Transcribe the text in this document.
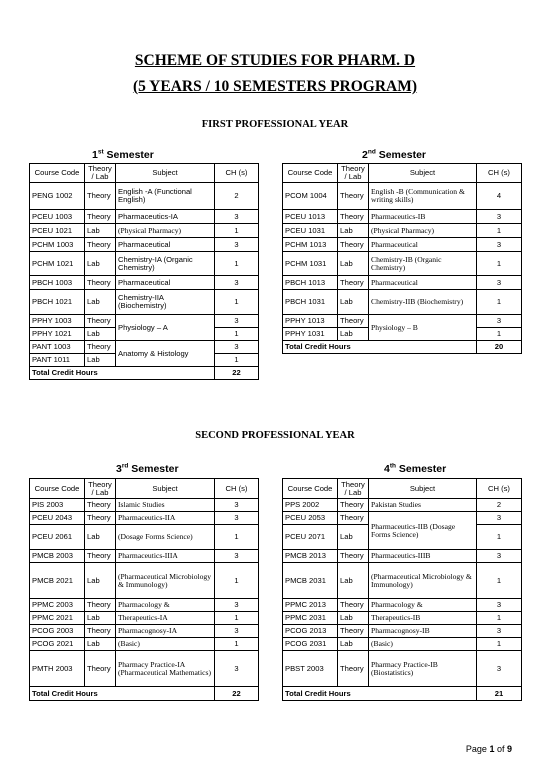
SCHEME OF STUDIES FOR PHARM. D
(5 YEARS / 10 SEMESTERS PROGRAM)
FIRST PROFESSIONAL YEAR
1st Semester	2nd Semester
Course Code	Theory / Lab	Subject	CH (s)
PENG 1002	Theory	English -A (Functional English)	2
PCEU 1003	Theory	Pharmaceutics-IA	3
PCEU 1021	Lab	(Physical Pharmacy)	1
PCHM 1003	Theory	Pharmaceutical	3
PCHM 1021	Lab	Chemistry-IA (Organic Chemistry)	1
PBCH 1003	Theory	Pharmaceutical	3
PBCH 1021	Lab	Chemistry-IIA (Biochemistry)	1
PPHY 1003	Theory	Physiology – A	3
PPHY 1021	Lab		1
PANT 1003	Theory	Anatomy & Histology	3
PANT 1011	Lab		1
Total Credit Hours			22
Course Code	Theory / Lab	Subject	CH (s)
PCOM 1004	Theory	English -B (Communication & writing skills)	4
PCEU 1013	Theory	Pharmaceutics-IB	3
PCEU 1031	Lab	(Physical Pharmacy)	1
PCHM 1013	Theory	Pharmaceutical	3
PCHM 1031	Lab	Chemistry-IB (Organic Chemistry)	1
PBCH 1013	Theory	Pharmaceutical	3
PBCH 1031	Lab	Chemistry-IIB (Biochemistry)	1
PPHY 1013	Theory	Physiology – B	3
PPHY 1031	Lab		1
Total Credit Hours			20
SECOND PROFESSIONAL YEAR
3rd Semester	4th Semester
Course Code	Theory / Lab	Subject	CH (s)
PIS 2003	Theory	Islamic Studies	3
PCEU 2043	Theory	Pharmaceutics-IIA	3
PCEU 2061	Lab	(Dosage Forms Science)	1
PMCB 2003	Theory	Pharmaceutics-IIIA	3
PMCB 2021	Lab	(Pharmaceutical Microbiology & Immunology)	1
PPMC 2003	Theory	Pharmacology &	3
PPMC 2021	Lab	Therapeutics-IA	1
PCOG 2003	Theory	Pharmacognosy-IA	3
PCOG 2021	Lab	(Basic)	1
PMTH 2003	Theory	Pharmacy Practice-IA (Pharmaceutical Mathematics)	3
Total Credit Hours			22
Course Code	Theory / Lab	Subject	CH (s)
PPS 2002	Theory	Pakistan Studies	2
PCEU 2053	Theory	Pharmaceutics-IIB (Dosage Forms Science)	3
PCEU 2071	Lab		1
PMCB 2013	Theory	Pharmaceutics-IIIB	3
PMCB 2031	Lab	(Pharmaceutical Microbiology & Immunology)	1
PPMC 2013	Theory	Pharmacology &	3
PPMC 2031	Lab	Therapeutics-IB	1
PCOG 2013	Theory	Pharmacognosy-IB	3
PCOG 2031	Lab	(Basic)	1
PBST 2003	Theory	Pharmacy Practice-IB (Biostatistics)	3
Total Credit Hours			21
Page 1 of 9
